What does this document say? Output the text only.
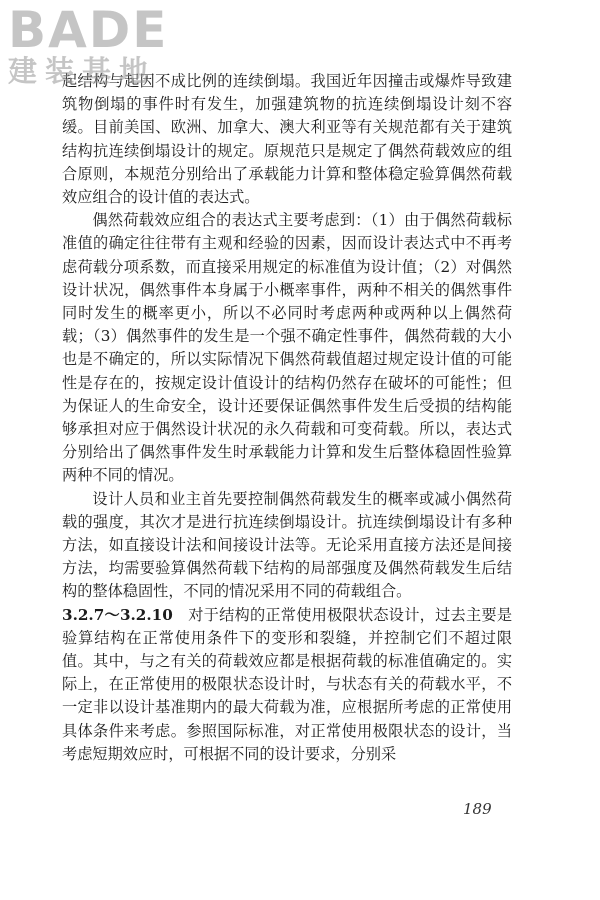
BADE
建装基地

起结构与起因不成比例的连续倒塌。我国近年因撞击或爆炸导致建筑物倒塌的事件时有发生，加强建筑物的抗连续倒塌设计刻不容缓。目前美国、欧洲、加拿大、澳大利亚等有关规范都有关于建筑结构抗连续倒塌设计的规定。原规范只是规定了偶然荷载效应的组合原则，本规范分别给出了承载能力计算和整体稳定验算偶然荷载效应组合的设计值的表达式。

偶然荷载效应组合的表达式主要考虑到：（1）由于偶然荷载标准值的确定往往带有主观和经验的因素，因而设计表达式中不再考虑荷载分项系数，而直接采用规定的标准值为设计值；（2）对偶然设计状况，偶然事件本身属于小概率事件，两种不相关的偶然事件同时发生的概率更小，所以不必同时考虑两种或两种以上偶然荷载；（3）偶然事件的发生是一个强不确定性事件，偶然荷载的大小也是不确定的，所以实际情况下偶然荷载值超过规定设计值的可能性是存在的，按规定设计值设计的结构仍然存在破坏的可能性；但为保证人的生命安全，设计还要保证偶然事件发生后受损的结构能够承担对应于偶然设计状况的永久荷载和可变荷载。所以，表达式分别给出了偶然事件发生时承载能力计算和发生后整体稳固性验算两种不同的情况。

设计人员和业主首先要控制偶然荷载发生的概率或减小偶然荷载的强度，其次才是进行抗连续倒塌设计。抗连续倒塌设计有多种方法，如直接设计法和间接设计法等。无论采用直接方法还是间接方法，均需要验算偶然荷载下结构的局部强度及偶然荷载发生后结构的整体稳固性，不同的情况采用不同的荷载组合。

3.2.7～3.2.10  对于结构的正常使用极限状态设计，过去主要是验算结构在正常使用条件下的变形和裂缝，并控制它们不超过限值。其中，与之有关的荷载效应都是根据荷载的标准值确定的。实际上，在正常使用的极限状态设计时，与状态有关的荷载水平，不一定非以设计基准期内的最大荷载为准，应根据所考虑的正常使用具体条件来考虑。参照国际标准，对正常使用极限状态的设计，当考虑短期效应时，可根据不同的设计要求，分别采

189
